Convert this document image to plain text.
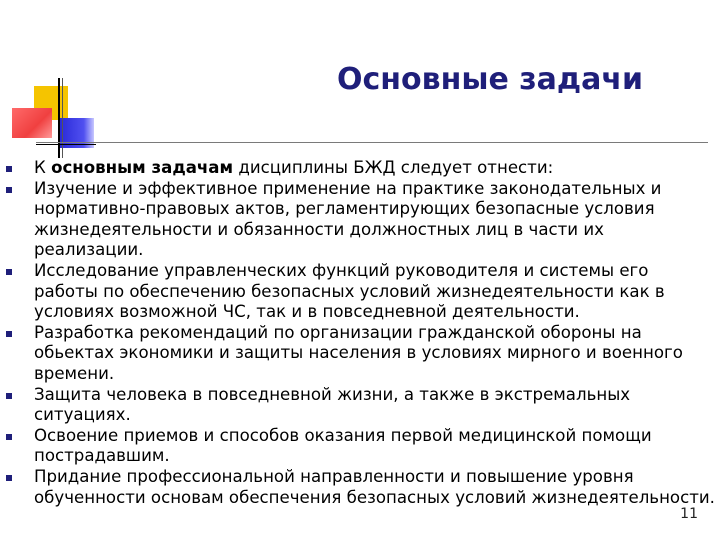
Основные задачи
К основным задачам дисциплины БЖД следует отнести:
Изучение и эффективное применение на практике законодательных и нормативно-правовых актов, регламентирующих безопасные условия жизнедеятельности и обязанности должностных лиц в части их реализации.
Исследование управленческих функций руководителя и системы его работы по обеспечению безопасных условий жизнедеятельности как в условиях возможной ЧС, так и в повседневной деятельности.
Разработка рекомендаций по организации гражданской обороны на обьектах экономики и защиты населения в условиях мирного и военного времени.
Защита человека в повседневной жизни, а также в экстремальных ситуациях.
Освоение приемов и способов оказания первой медицинской помощи пострадавшим.
Придание профессиональной направленности и повышение уровня обученности основам обеспечения безопасных условий жизнедеятельности.
11
